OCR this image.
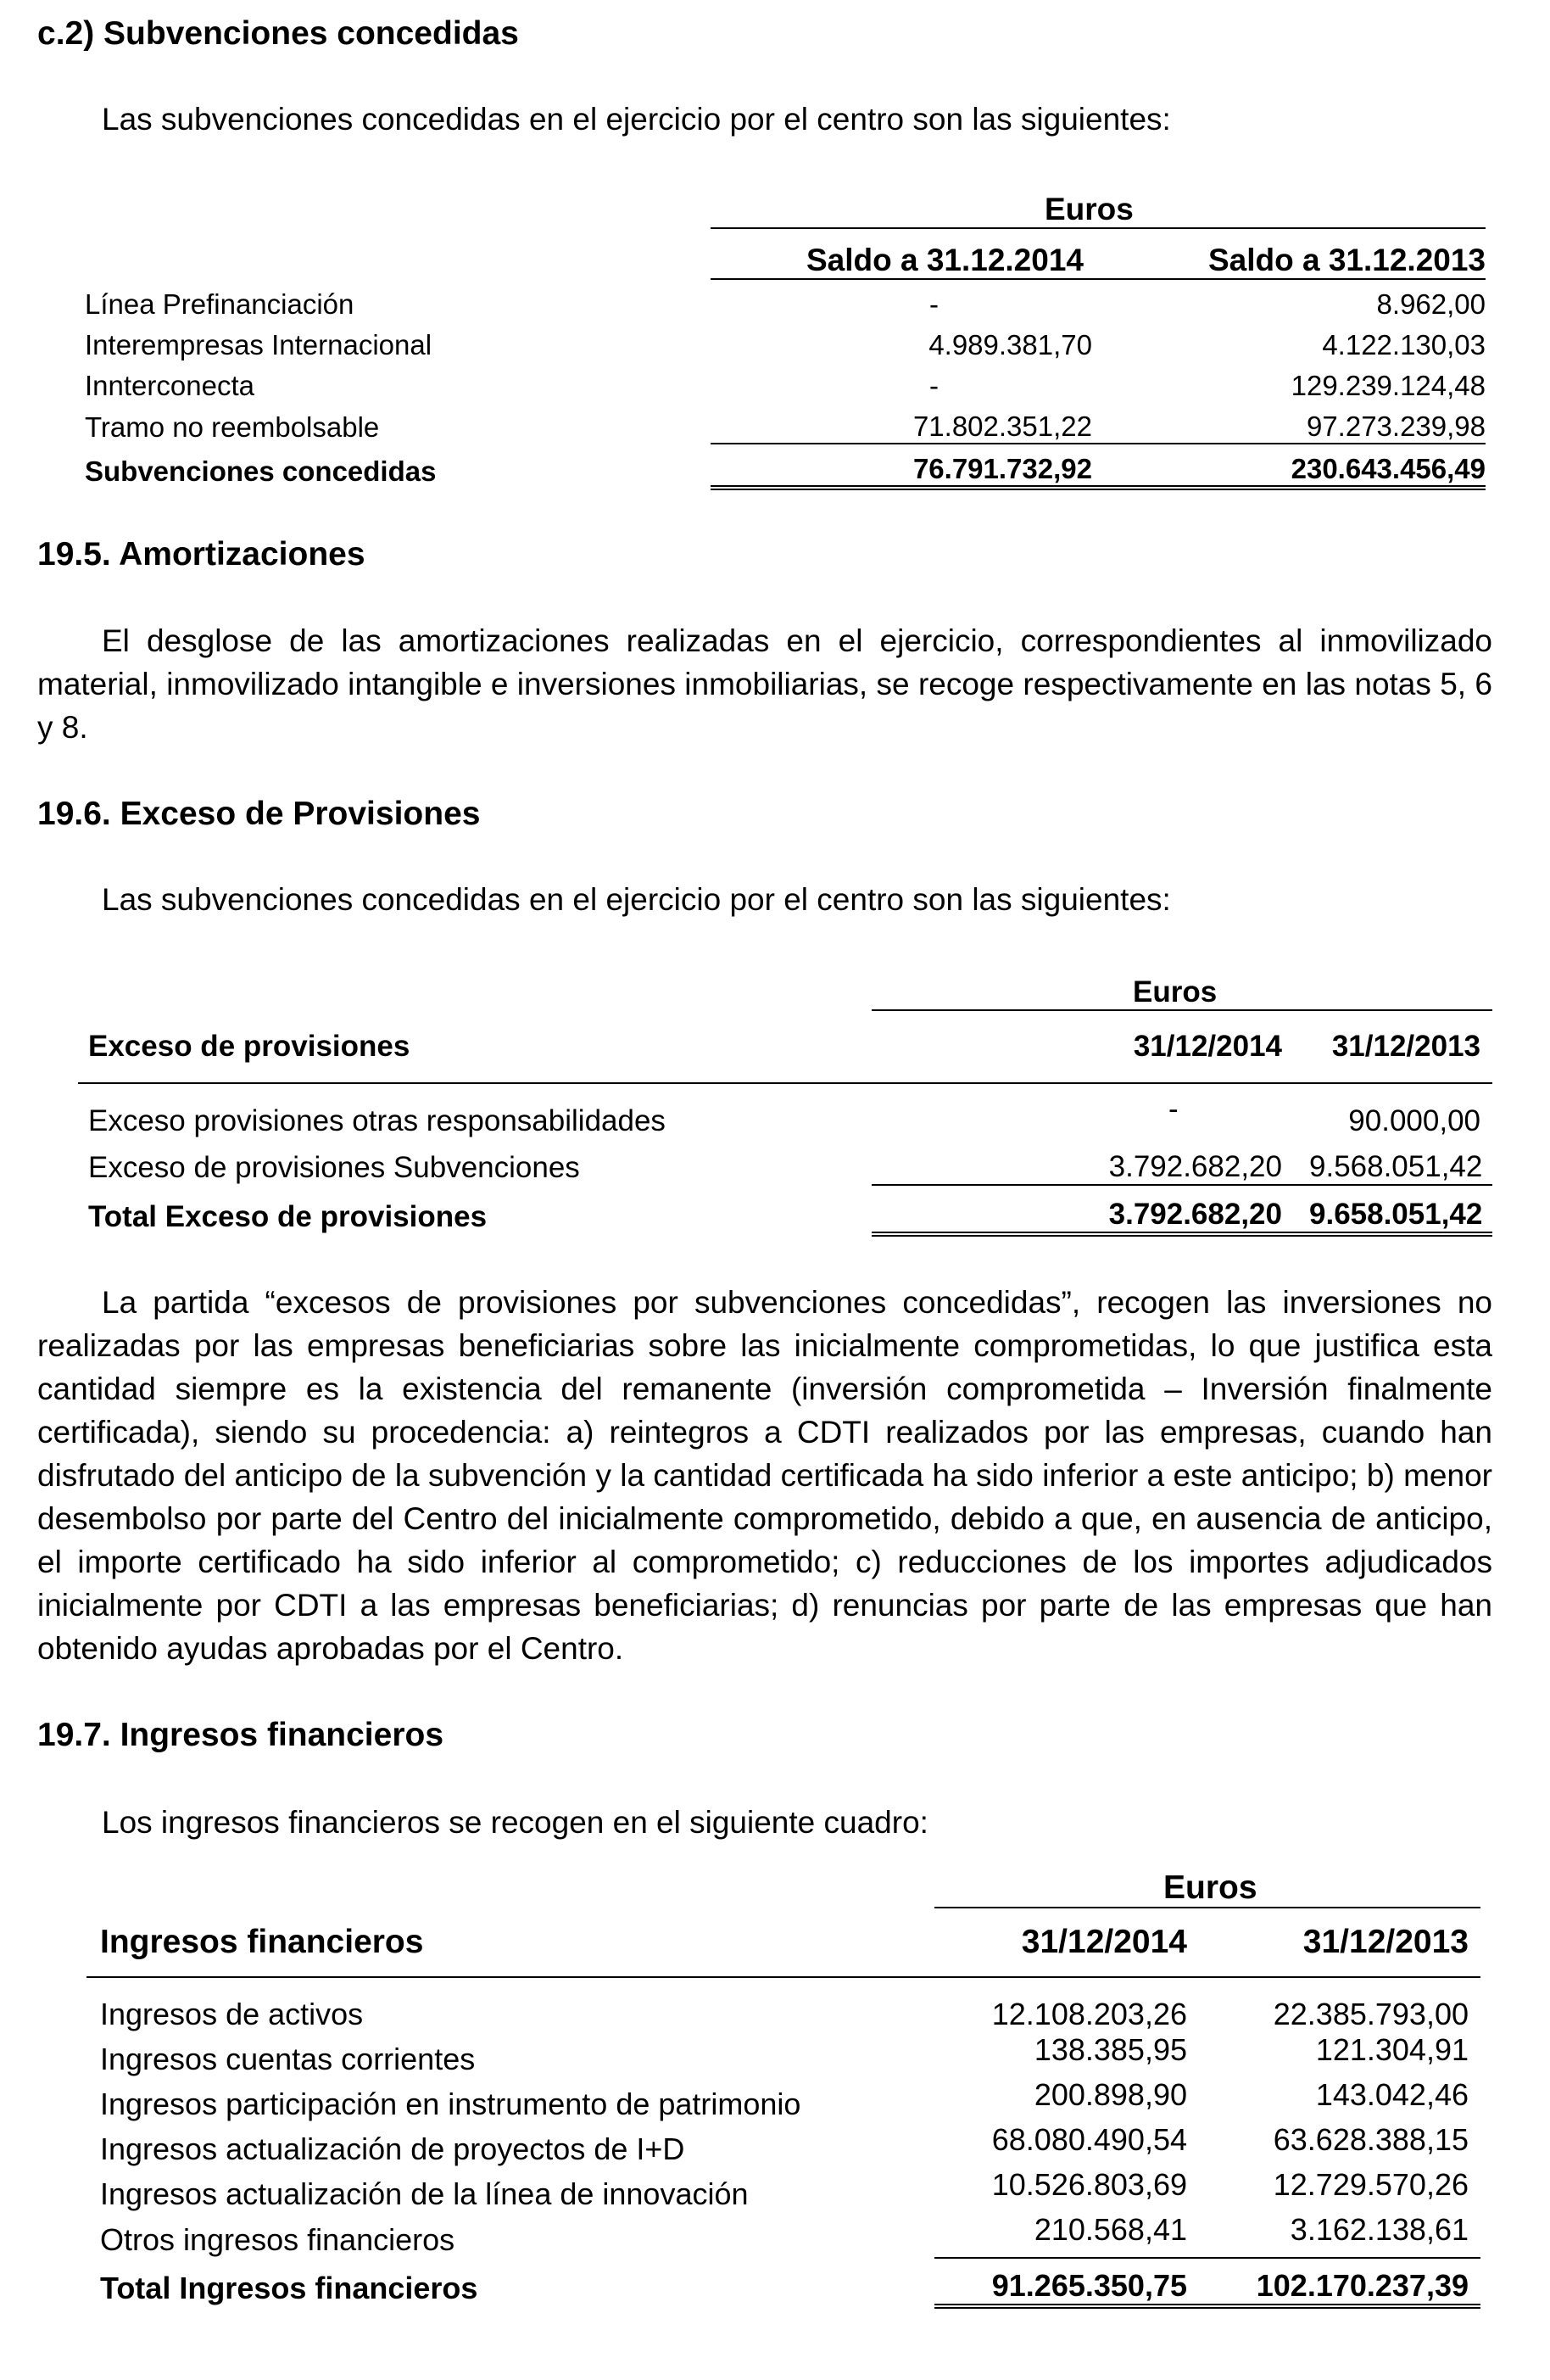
c.2) Subvenciones concedidas
Las subvenciones concedidas en el ejercicio por el centro son las siguientes:
	Euros	
	Saldo a 31.12.2014	Saldo a 31.12.2013
Línea Prefinanciación	-	8.962,00
Interempresas Internacional	4.989.381,70	4.122.130,03
Innterconecta	-	129.239.124,48
Tramo no reembolsable	71.802.351,22	97.273.239,98
Subvenciones concedidas	76.791.732,92	230.643.456,49
19.5. Amortizaciones
El desglose de las amortizaciones realizadas en el ejercicio, correspondientes al inmovilizado material, inmovilizado intangible e inversiones inmobiliarias, se recoge respectivamente en las notas 5, 6 y 8.
19.6. Exceso de Provisiones
Las subvenciones concedidas en el ejercicio por el centro son las siguientes:
	Euros	
Exceso de provisiones	31/12/2014	31/12/2013
Exceso provisiones otras responsabilidades	-	90.000,00
Exceso de provisiones Subvenciones	3.792.682,20	9.568.051,42
Total Exceso de provisiones	3.792.682,20	9.658.051,42
La partida “excesos de provisiones por subvenciones concedidas”, recogen las inversiones no realizadas por las empresas beneficiarias sobre las inicialmente comprometidas, lo que justifica esta cantidad siempre es la existencia del remanente (inversión comprometida – Inversión finalmente certificada), siendo su procedencia: a) reintegros a CDTI realizados por las empresas, cuando han disfrutado del anticipo de la subvención y la cantidad certificada ha sido inferior a este anticipo; b) menor desembolso por parte del Centro del inicialmente comprometido, debido a que, en ausencia de anticipo, el importe certificado ha sido inferior al comprometido; c) reducciones de los importes adjudicados inicialmente por CDTI a las empresas beneficiarias; d) renuncias por parte de las empresas que han obtenido ayudas aprobadas por el Centro.
19.7. Ingresos financieros
Los ingresos financieros se recogen en el siguiente cuadro:
	Euros	
Ingresos financieros	31/12/2014	31/12/2013
Ingresos de activos	12.108.203,26	22.385.793,00
Ingresos cuentas corrientes	138.385,95	121.304,91
Ingresos participación en instrumento de patrimonio	200.898,90	143.042,46
Ingresos actualización de proyectos de I+D	68.080.490,54	63.628.388,15
Ingresos actualización de la línea de innovación	10.526.803,69	12.729.570,26
Otros ingresos financieros	210.568,41	3.162.138,61
Total Ingresos financieros	91.265.350,75	102.170.237,39
